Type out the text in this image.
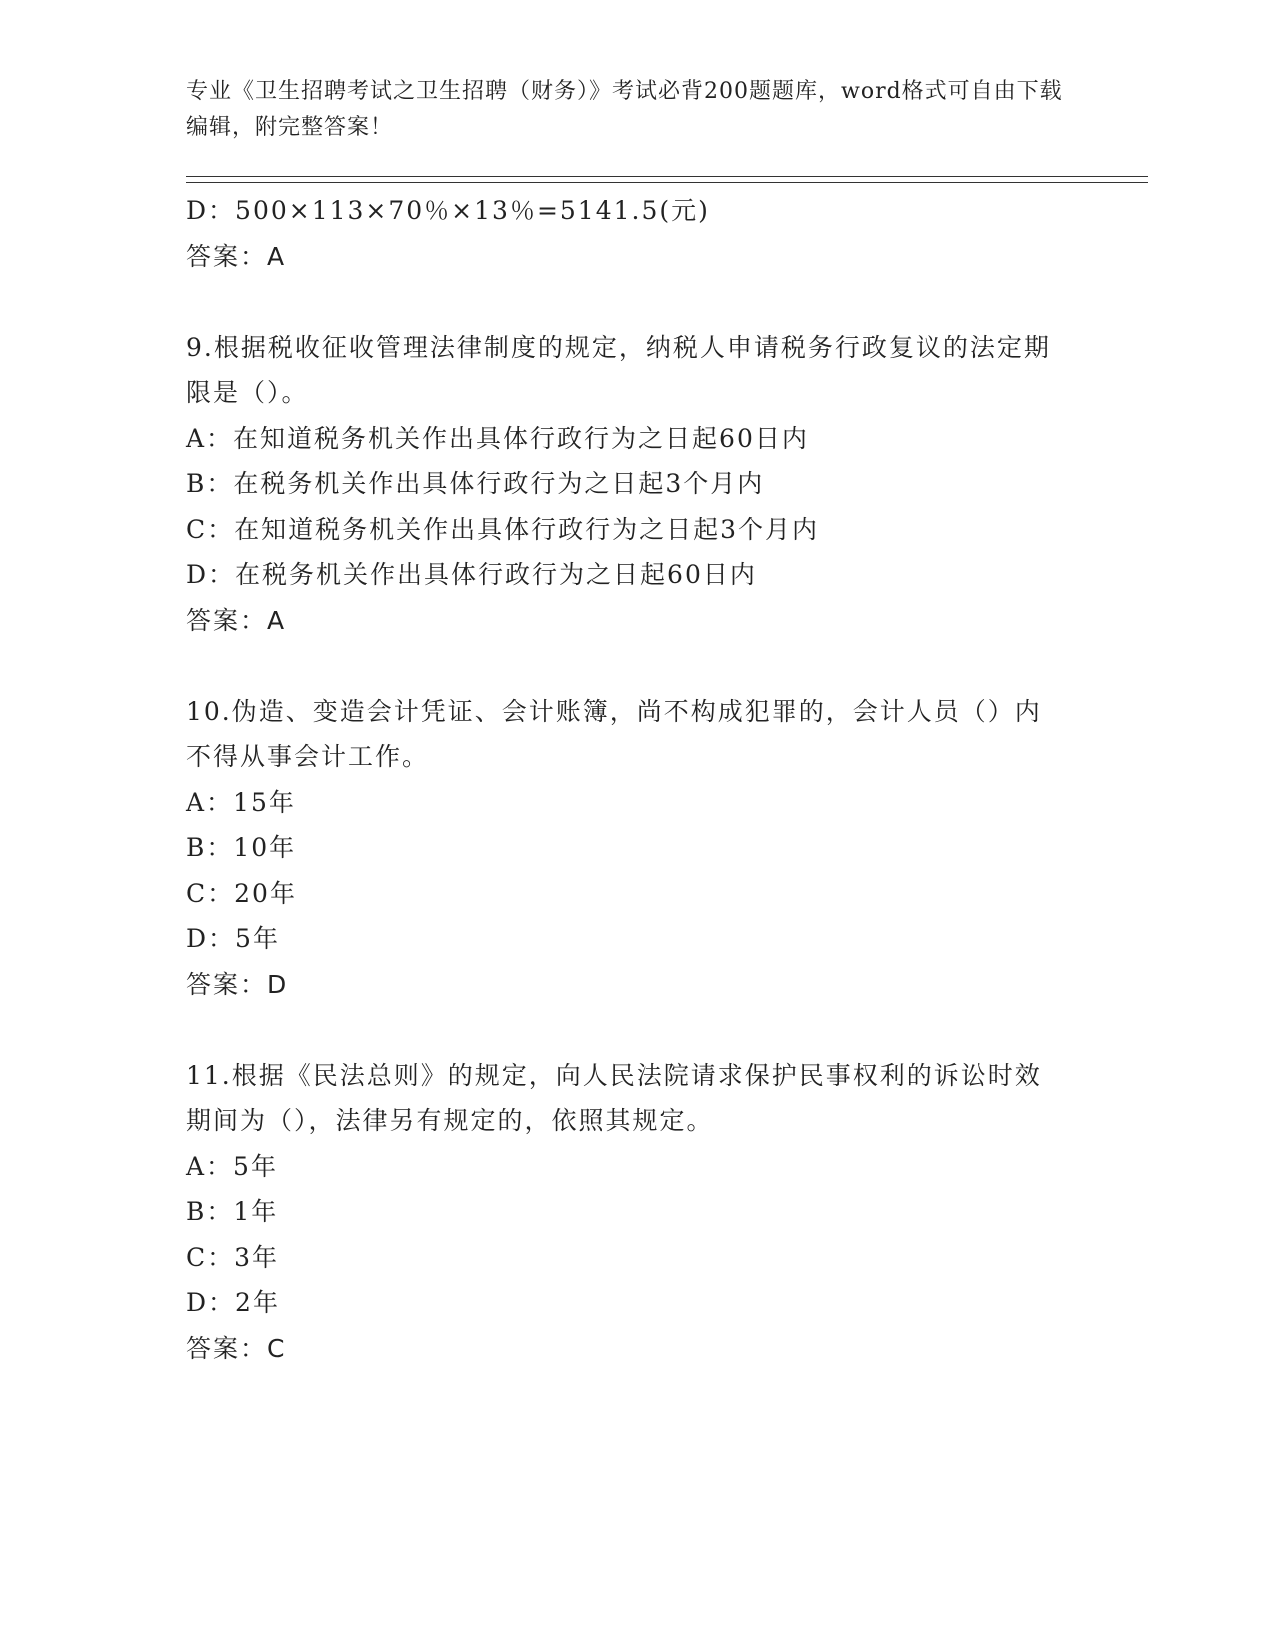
专业《卫生招聘考试之卫生招聘（财务）》考试必背200题题库，word格式可自由下载编辑，附完整答案！
D：500×113×70％×13％=5141.5(元)
答案：A
9.根据税收征收管理法律制度的规定，纳税人申请税务行政复议的法定期限是（）。
A：在知道税务机关作出具体行政行为之日起60日内
B：在税务机关作出具体行政行为之日起3个月内
C：在知道税务机关作出具体行政行为之日起3个月内
D：在税务机关作出具体行政行为之日起60日内
答案：A
10.伪造、变造会计凭证、会计账簿，尚不构成犯罪的，会计人员（）内不得从事会计工作。
A：15年
B：10年
C：20年
D：5年
答案：D
11.根据《民法总则》的规定，向人民法院请求保护民事权利的诉讼时效期间为（），法律另有规定的，依照其规定。
A：5年
B：1年
C：3年
D：2年
答案：C
